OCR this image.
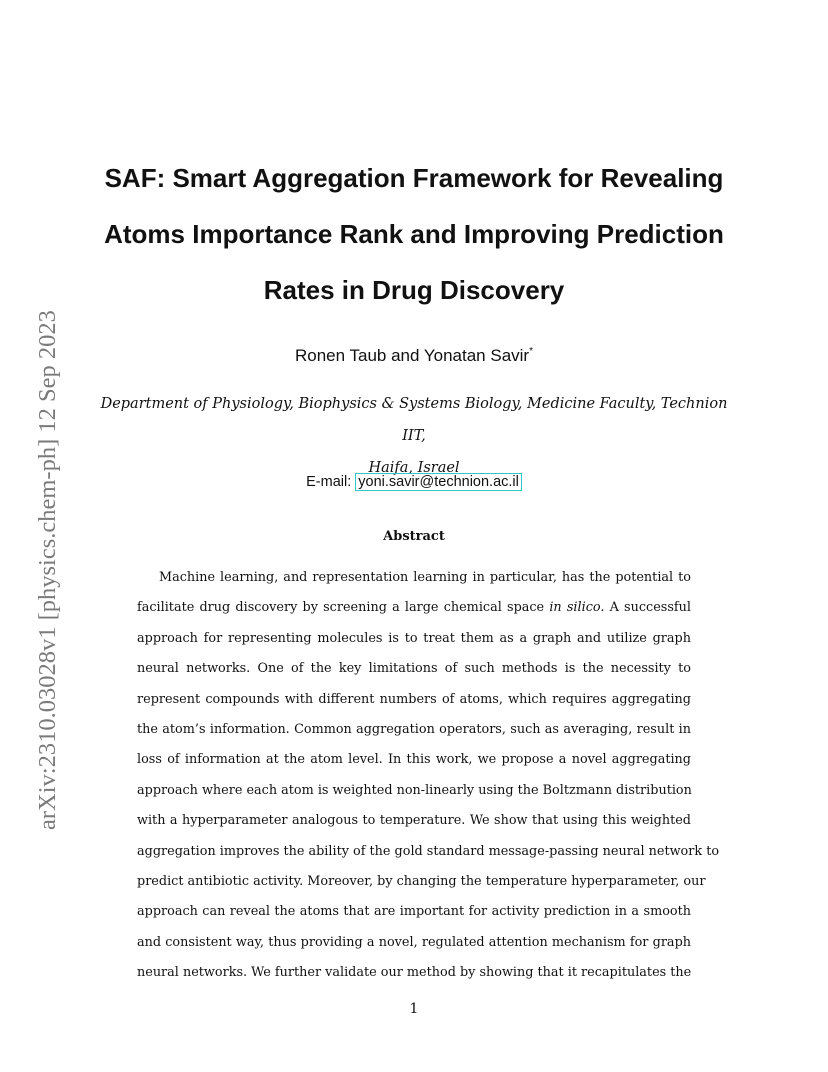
arXiv:2310.03028v1 [physics.chem-ph] 12 Sep 2023
SAF: Smart Aggregation Framework for Revealing
Atoms Importance Rank and Improving Prediction
Rates in Drug Discovery
Ronen Taub and Yonatan Savir*
Department of Physiology, Biophysics & Systems Biology, Medicine Faculty, Technion IIT,
Haifa, Israel
E-mail: yoni.savir@technion.ac.il
Abstract
Machine learning, and representation learning in particular, has the potential to
facilitate drug discovery by screening a large chemical space in silico. A successful
approach for representing molecules is to treat them as a graph and utilize graph
neural networks. One of the key limitations of such methods is the necessity to
represent compounds with different numbers of atoms, which requires aggregating
the atom’s information. Common aggregation operators, such as averaging, result in
loss of information at the atom level. In this work, we propose a novel aggregating
approach where each atom is weighted non-linearly using the Boltzmann distribution
with a hyperparameter analogous to temperature. We show that using this weighted
aggregation improves the ability of the gold standard message-passing neural network to
predict antibiotic activity. Moreover, by changing the temperature hyperparameter, our
approach can reveal the atoms that are important for activity prediction in a smooth
and consistent way, thus providing a novel, regulated attention mechanism for graph
neural networks. We further validate our method by showing that it recapitulates the
1
